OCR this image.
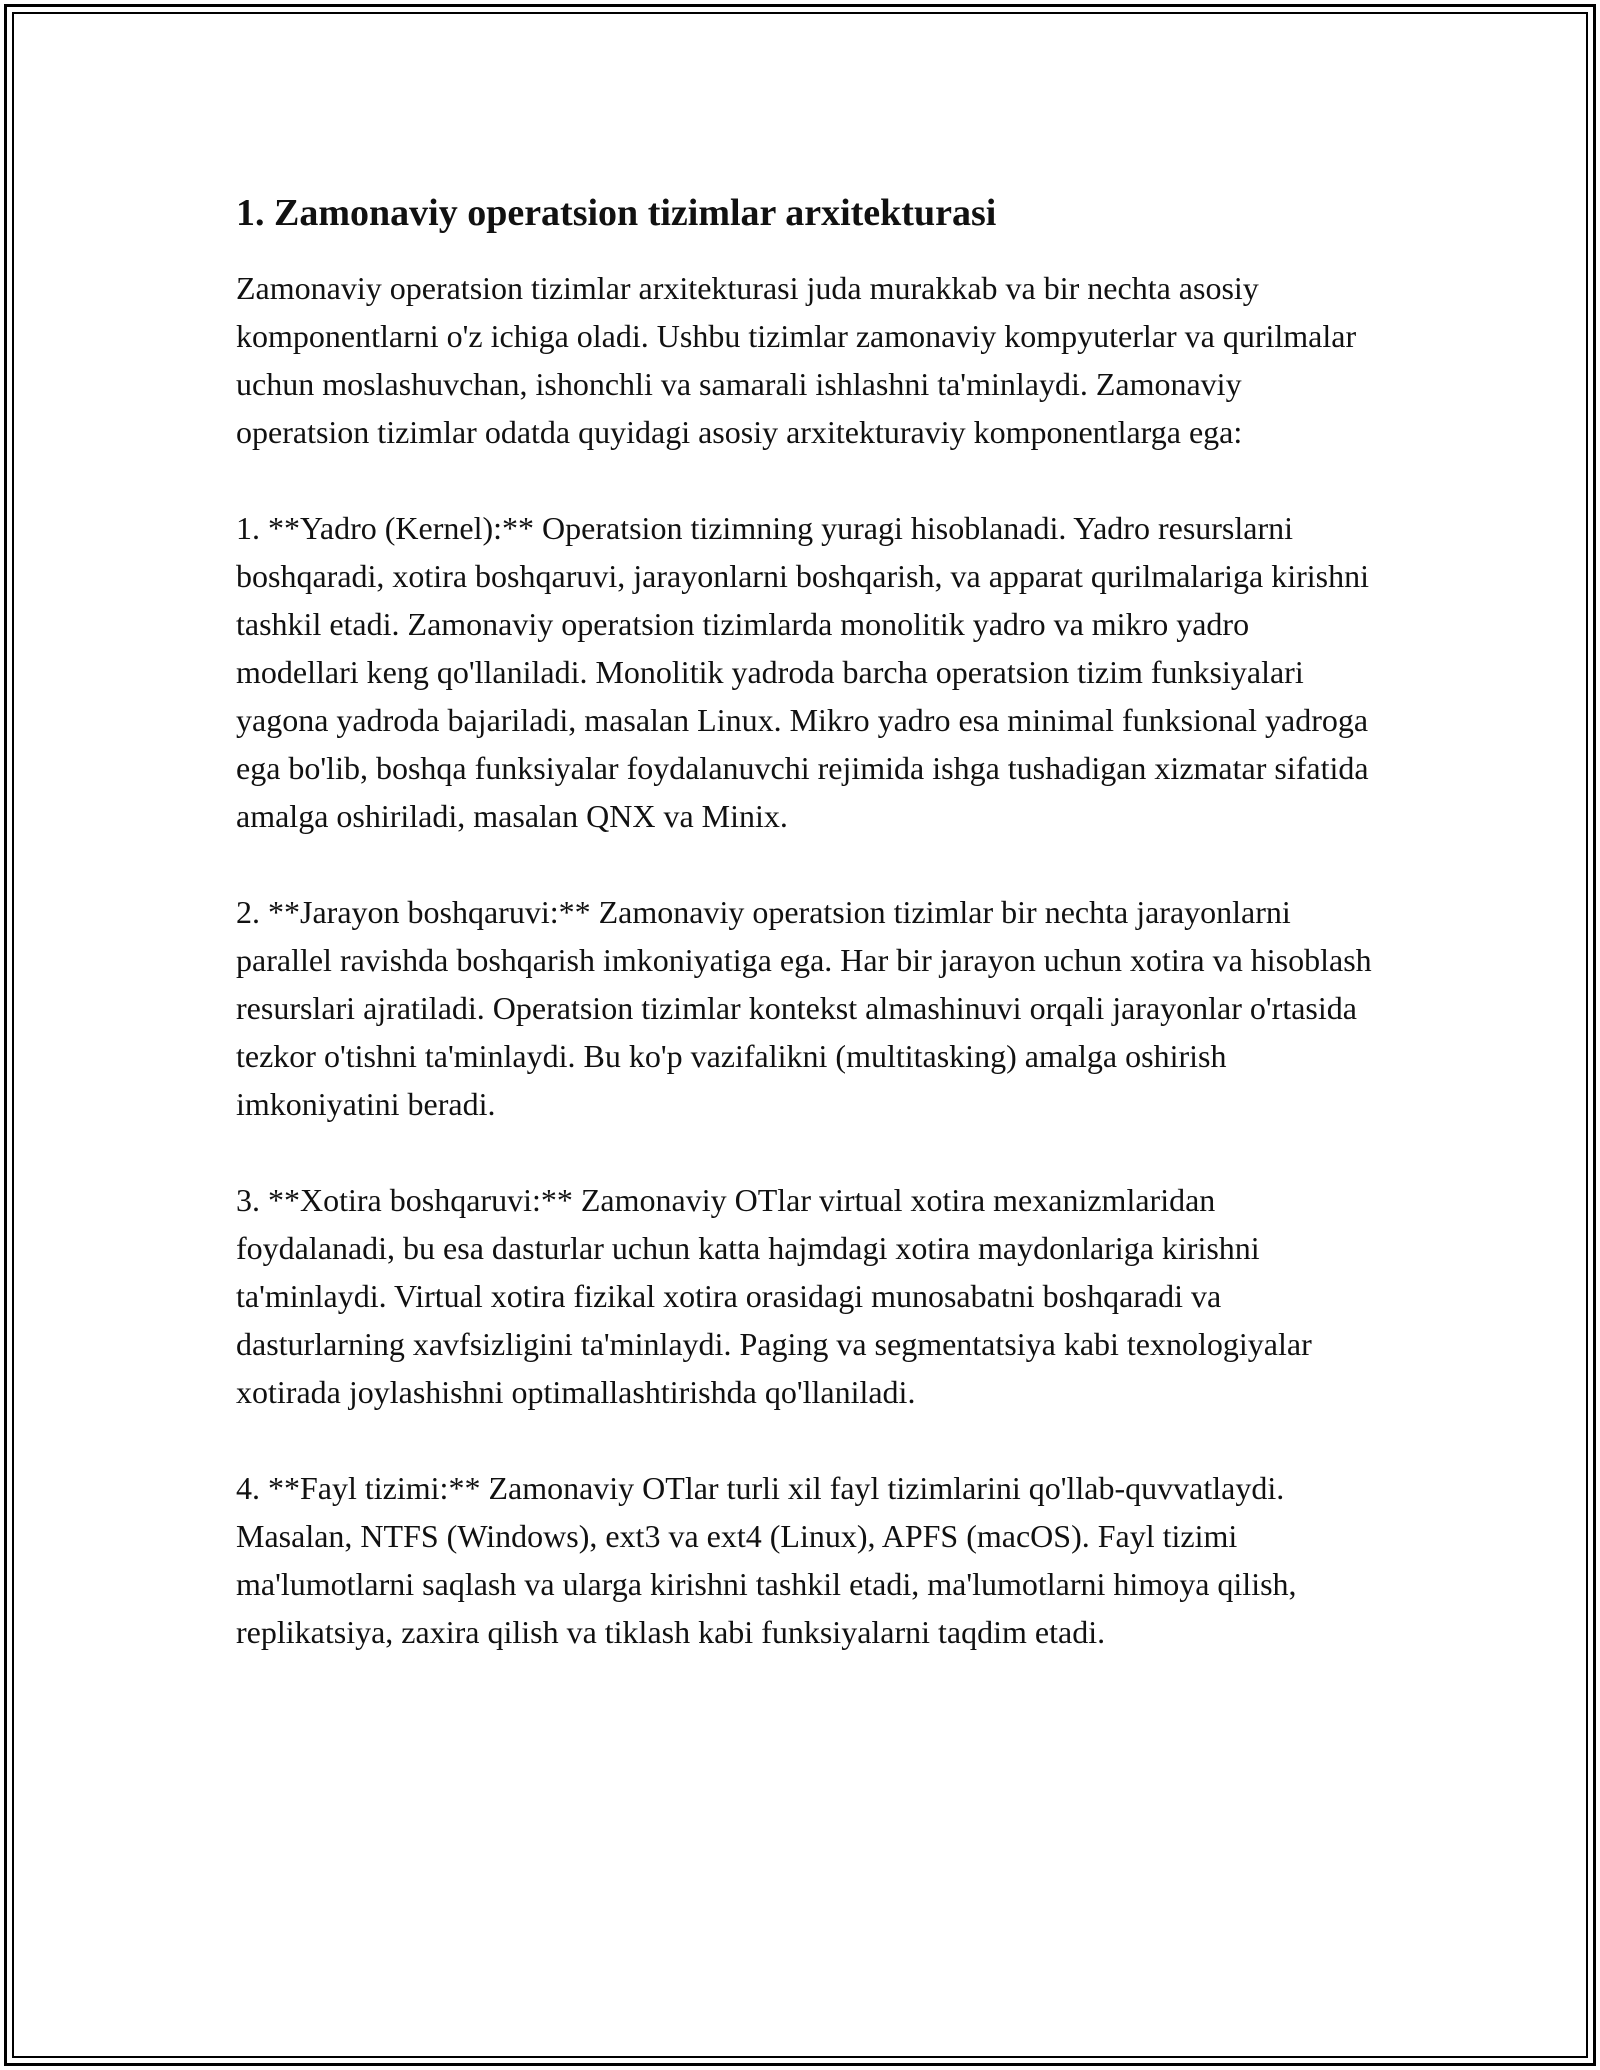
1. Zamonaviy operatsion tizimlar arxitekturasi

Zamonaviy operatsion tizimlar arxitekturasi juda murakkab va bir nechta asosiy komponentlarni o'z ichiga oladi. Ushbu tizimlar zamonaviy kompyuterlar va qurilmalar uchun moslashuvchan, ishonchli va samarali ishlashni ta'minlaydi. Zamonaviy operatsion tizimlar odatda quyidagi asosiy arxitekturaviy komponentlarga ega:

1. **Yadro (Kernel):** Operatsion tizimning yuragi hisoblanadi. Yadro resurslarni boshqaradi, xotira boshqaruvi, jarayonlarni boshqarish, va apparat qurilmalariga kirishni tashkil etadi. Zamonaviy operatsion tizimlarda monolitik yadro va mikro yadro modellari keng qo'llaniladi. Monolitik yadroda barcha operatsion tizim funksiyalari yagona yadroda bajariladi, masalan Linux. Mikro yadro esa minimal funksional yadroga ega bo'lib, boshqa funksiyalar foydalanuvchi rejimida ishga tushadigan xizmatar sifatida amalga oshiriladi, masalan QNX va Minix.

2. **Jarayon boshqaruvi:** Zamonaviy operatsion tizimlar bir nechta jarayonlarni parallel ravishda boshqarish imkoniyatiga ega. Har bir jarayon uchun xotira va hisoblash resurslari ajratiladi. Operatsion tizimlar kontekst almashinuvi orqali jarayonlar o'rtasida tezkor o'tishni ta'minlaydi. Bu ko'p vazifalikni (multitasking) amalga oshirish imkoniyatini beradi.

3. **Xotira boshqaruvi:** Zamonaviy OTlar virtual xotira mexanizmlaridan foydalanadi, bu esa dasturlar uchun katta hajmdagi xotira maydonlariga kirishni ta'minlaydi. Virtual xotira fizikal xotira orasidagi munosabatni boshqaradi va dasturlarning xavfsizligini ta'minlaydi. Paging va segmentatsiya kabi texnologiyalar xotirada joylashishni optimallashtirishda qo'llaniladi.

4. **Fayl tizimi:** Zamonaviy OTlar turli xil fayl tizimlarini qo'llab-quvvatlaydi. Masalan, NTFS (Windows), ext3 va ext4 (Linux), APFS (macOS). Fayl tizimi ma'lumotlarni saqlash va ularga kirishni tashkil etadi, ma'lumotlarni himoya qilish, replikatsiya, zaxira qilish va tiklash kabi funksiyalarni taqdim etadi.
